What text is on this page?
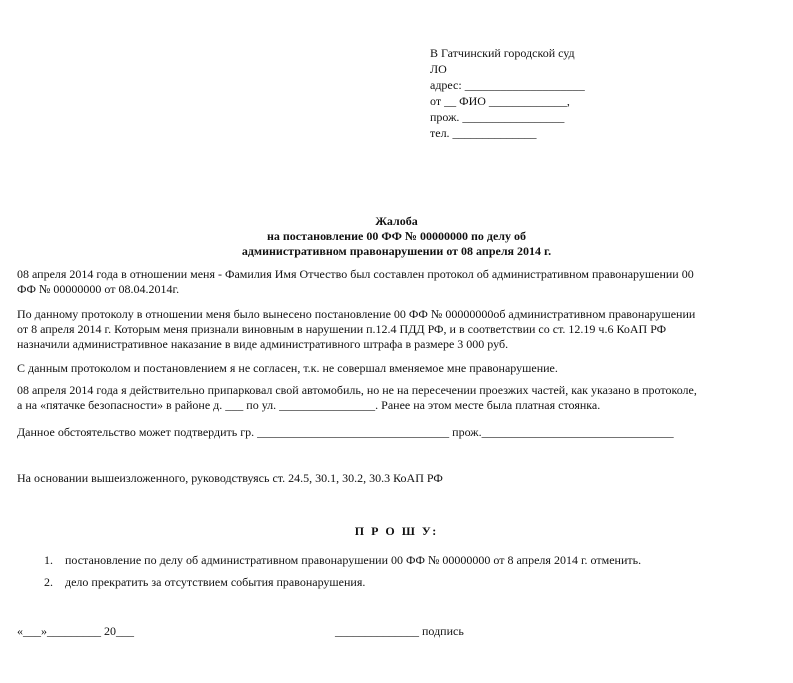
В Гатчинский городской суд
ЛО
адрес: ____________________
от __ ФИО _____________,
прож. _________________
тел. ______________
Жалоба
на постановление 00 ФФ № 00000000 по делу об
административном правонарушении от 08 апреля 2014 г.
08 апреля 2014 года в отношении меня - Фамилия Имя Отчество был составлен протокол об административном правонарушении 00
ФФ № 00000000 от 08.04.2014г.
По данному протоколу в отношении меня было вынесено постановление 00 ФФ № 00000000об административном правонарушении
от 8 апреля 2014 г. Которым меня признали виновным в нарушении п.12.4 ПДД РФ, и в соответствии со ст. 12.19 ч.6 КоАП РФ
назначили административное наказание в виде административного штрафа в размере 3 000 руб.
С данным протоколом и постановлением я не согласен, т.к. не совершал вменяемое мне правонарушение.
08 апреля 2014 года я действительно припарковал свой автомобиль, но не на пересечении проезжих частей, как указано в протоколе,
а на «пятачке безопасности» в районе д. ___ по ул. ________________. Ранее на этом месте была платная стоянка.
Данное обстоятельство может подтвердить гр. ________________________________ прож.________________________________
На основании вышеизложенного, руководствуясь ст. 24.5, 30.1, 30.2, 30.3 КоАП РФ
П Р О Ш У:
1. постановление по делу об административном правонарушении 00 ФФ № 00000000 от 8 апреля 2014 г. отменить.
2. дело прекратить за отсутствием события правонарушения.
«___»_________ 20___	______________ подпись
